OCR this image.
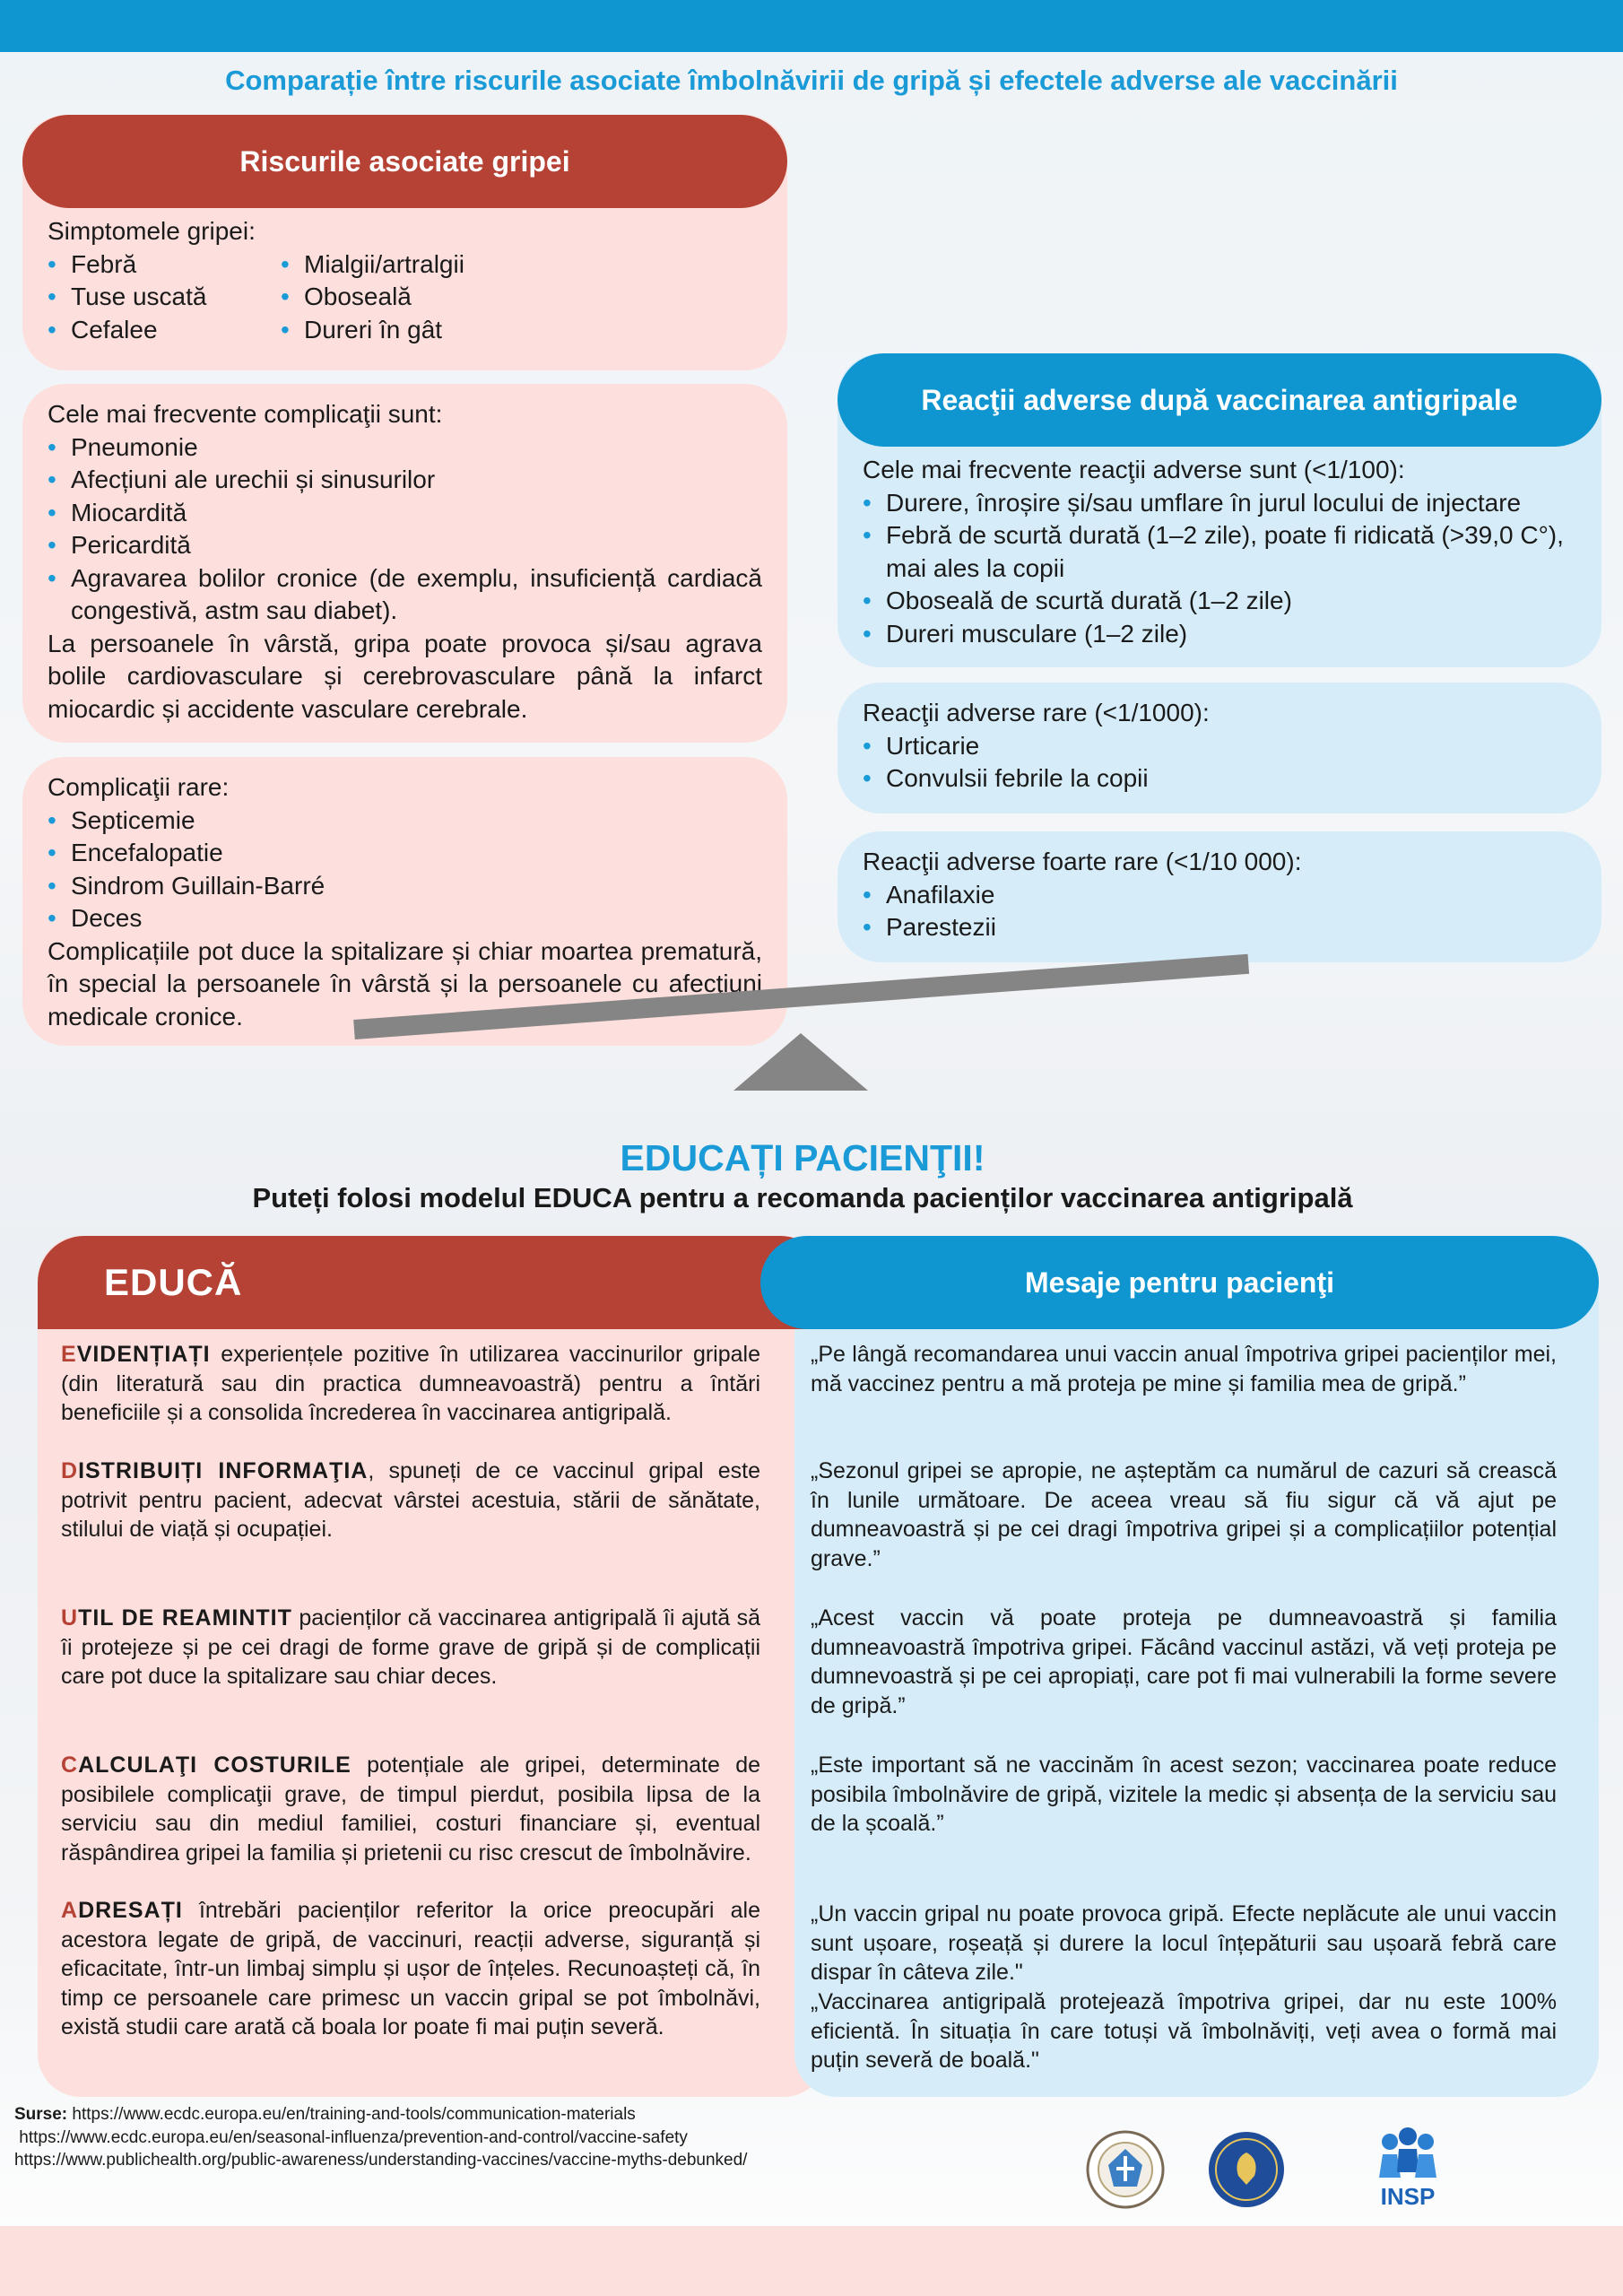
Comparație între riscurile asociate îmbolnăvirii de gripă și efectele adverse ale vaccinării
Simptomele gripei:
• Febră
• Tuse uscată
• Cefalee
• Mialgii/artralgii
• Oboseală
• Dureri în gât
Riscurile asociate gripei
Cele mai frecvente complicaţii sunt:
• Pneumonie
• Afecțiuni ale urechii și sinusurilor
• Miocardită
• Pericardită
• Agravarea bolilor cronice (de exemplu, insuficiență cardiacă congestivă, astm sau diabet).
La persoanele în vârstă, gripa poate provoca și/sau agrava bolile cardiovasculare și cerebrovasculare până la infarct miocardic și accidente vasculare cerebrale.
Complicaţii rare:
• Septicemie
• Encefalopatie
• Sindrom Guillain-Barré
• Deces
Complicațiile pot duce la spitalizare și chiar moartea prematură, în special la persoanele în vârstă și la persoanele cu afecţiuni medicale cronice.
Cele mai frecvente reacţii adverse sunt (<1/100):
• Durere, înroșire și/sau umflare în jurul locului de injectare
• Febră de scurtă durată (1–2 zile), poate fi ridicată (>39,0 C°), mai ales la copii
• Oboseală de scurtă durată (1–2 zile)
• Dureri musculare (1–2 zile)
Reacţii adverse după vaccinarea antigripale
Reacţii adverse rare (<1/1000):
• Urticarie
• Convulsii febrile la copii
Reacţii adverse foarte rare (<1/10 000):
• Anafilaxie
• Parestezii
EDUCAȚI PACIENŢII!

Puteți folosi modelul EDUCA pentru a recomanda pacienților vaccinarea antigripală

EDUCĂ	Mesaje pentru pacienţi
EVIDENȚIAȚI experiențele pozitive în utilizarea vaccinurilor gripale (din literatură sau din practica dumneavoastră) pentru a întări beneficiile și a consolida încrederea în vaccinarea antigripală.
DISTRIBUIȚI INFORMAŢIA, spuneți de ce vaccinul gripal este potrivit pentru pacient, adecvat vârstei acestuia, stării de sănătate, stilului de viață și ocupației.
UTIL DE REAMINTIT pacienților că vaccinarea antigripală îi ajută să îi protejeze și pe cei dragi de forme grave de gripă și de complicații care pot duce la spitalizare sau chiar deces.
CALCULAŢI COSTURILE potențiale ale gripei, determinate de posibilele complicaţii grave, de timpul pierdut, posibila lipsa de la serviciu sau din mediul familiei, costuri financiare și, eventual răspândirea gripei la familia și prietenii cu risc crescut de îmbolnăvire.
ADRESAȚI întrebări pacienților referitor la orice preocupări ale acestora legate de gripă, de vaccinuri, reacții adverse, siguranță și eficacitate, într-un limbaj simplu și ușor de înțeles. Recunoașteți că, în timp ce persoanele care primesc un vaccin gripal se pot îmbolnăvi, există studii care arată că boala lor poate fi mai puțin severă.
„Pe lângă recomandarea unui vaccin anual împotriva gripei pacienților mei, mă vaccinez pentru a mă proteja pe mine și familia mea de gripă.”
„Sezonul gripei se apropie, ne așteptăm ca numărul de cazuri să crească în lunile următoare. De aceea vreau să fiu sigur că vă ajut pe dumneavoastră și pe cei dragi împotriva gripei și a complicațiilor potențial grave.”
„Acest vaccin vă poate proteja pe dumneavoastră și familia dumneavoastră împotriva gripei. Făcând vaccinul astăzi, vă veți proteja pe dumnevoastră și pe cei apropiați, care pot fi mai vulnerabili la forme severe de gripă.”
„Este important să ne vaccinăm în acest sezon; vaccinarea poate reduce posibila îmbolnăvire de gripă, vizitele la medic și absența de la serviciu sau de la școală.”
„Un vaccin gripal nu poate provoca gripă. Efecte neplăcute ale unui vaccin sunt ușoare, roșeață și durere la locul înțepăturii sau ușoară febră care dispar în câteva zile."
„Vaccinarea antigripală protejează împotriva gripei, dar nu este 100% eficientă. În situația în care totuși vă îmbolnăviți, veți avea o formă mai puțin severă de boală."
Surse: https://www.ecdc.europa.eu/en/training-and-tools/communication-materials
https://www.ecdc.europa.eu/en/seasonal-influenza/prevention-and-control/vaccine-safety
https://www.publichealth.org/public-awareness/understanding-vaccines/vaccine-myths-debunked/
INSP
